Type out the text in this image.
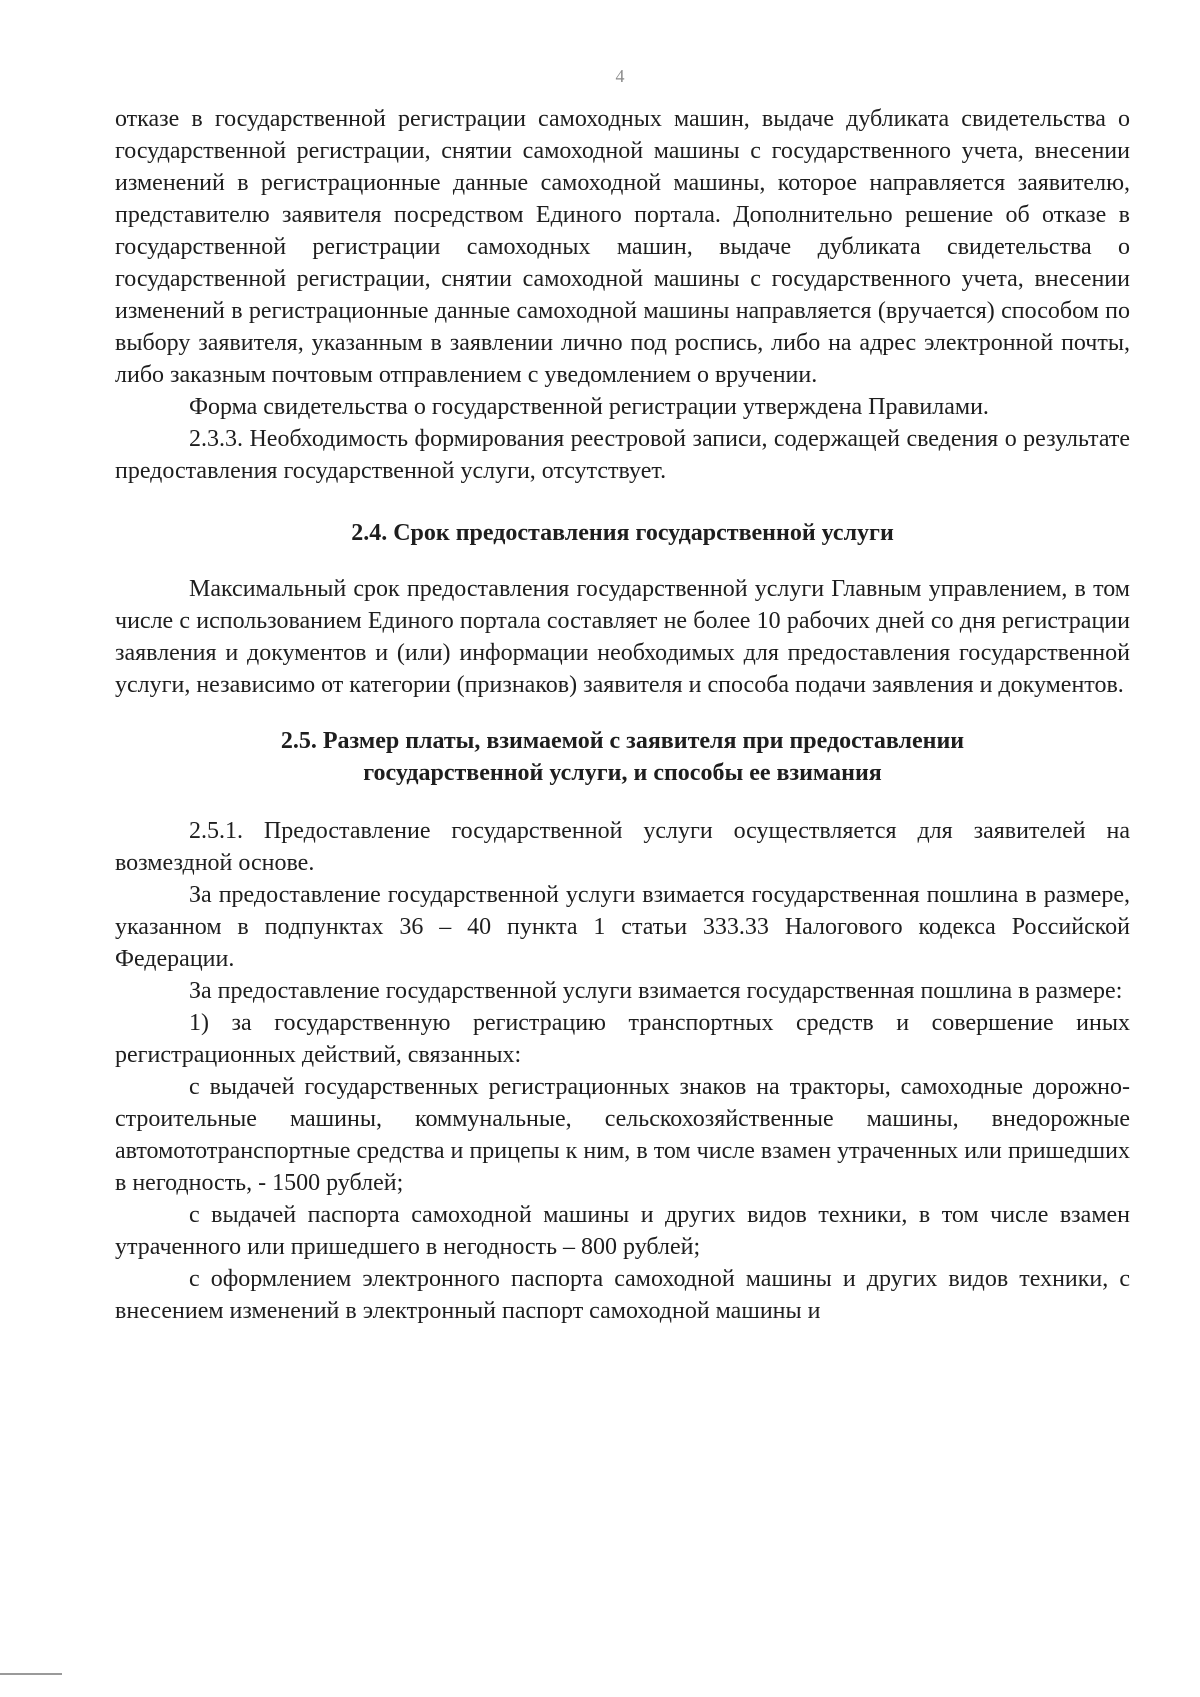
4

отказе в государственной регистрации самоходных машин, выдаче дубликата свидетельства о государственной регистрации, снятии самоходной машины с государственного учета, внесении изменений в регистрационные данные самоходной машины, которое направляется заявителю, представителю заявителя посредством Единого портала. Дополнительно решение об отказе в государственной регистрации самоходных машин, выдаче дубликата свидетельства о государственной регистрации, снятии самоходной машины с государственного учета, внесении изменений в регистрационные данные самоходной машины направляется (вручается) способом по выбору заявителя, указанным в заявлении лично под роспись, либо на адрес электронной почты, либо заказным почтовым отправлением с уведомлением о вручении.

Форма свидетельства о государственной регистрации утверждена Правилами.

2.3.3. Необходимость формирования реестровой записи, содержащей сведения о результате предоставления государственной услуги, отсутствует.

2.4. Срок предоставления государственной услуги

Максимальный срок предоставления государственной услуги Главным управлением, в том числе с использованием Единого портала составляет не более 10 рабочих дней со дня регистрации заявления и документов и (или) информации необходимых для предоставления государственной услуги, независимо от категории (признаков) заявителя и способа подачи заявления и документов.

2.5. Размер платы, взимаемой с заявителя при предоставлении
государственной услуги, и способы ее взимания

2.5.1. Предоставление государственной услуги осуществляется для заявителей на возмездной основе.

За предоставление государственной услуги взимается государственная пошлина в размере, указанном в подпунктах 36 – 40 пункта 1 статьи 333.33 Налогового кодекса Российской Федерации.

За предоставление государственной услуги взимается государственная пошлина в размере:

1) за государственную регистрацию транспортных средств и совершение иных регистрационных действий, связанных:

с выдачей государственных регистрационных знаков на тракторы, самоходные дорожно-строительные машины, коммунальные, сельскохозяйственные машины, внедорожные автомототранспортные средства и прицепы к ним, в том числе взамен утраченных или пришедших в негодность, - 1500 рублей;

с выдачей паспорта самоходной машины и других видов техники, в том числе взамен утраченного или пришедшего в негодность – 800 рублей;

с оформлением электронного паспорта самоходной машины и других видов техники, с внесением изменений в электронный паспорт самоходной машины и
